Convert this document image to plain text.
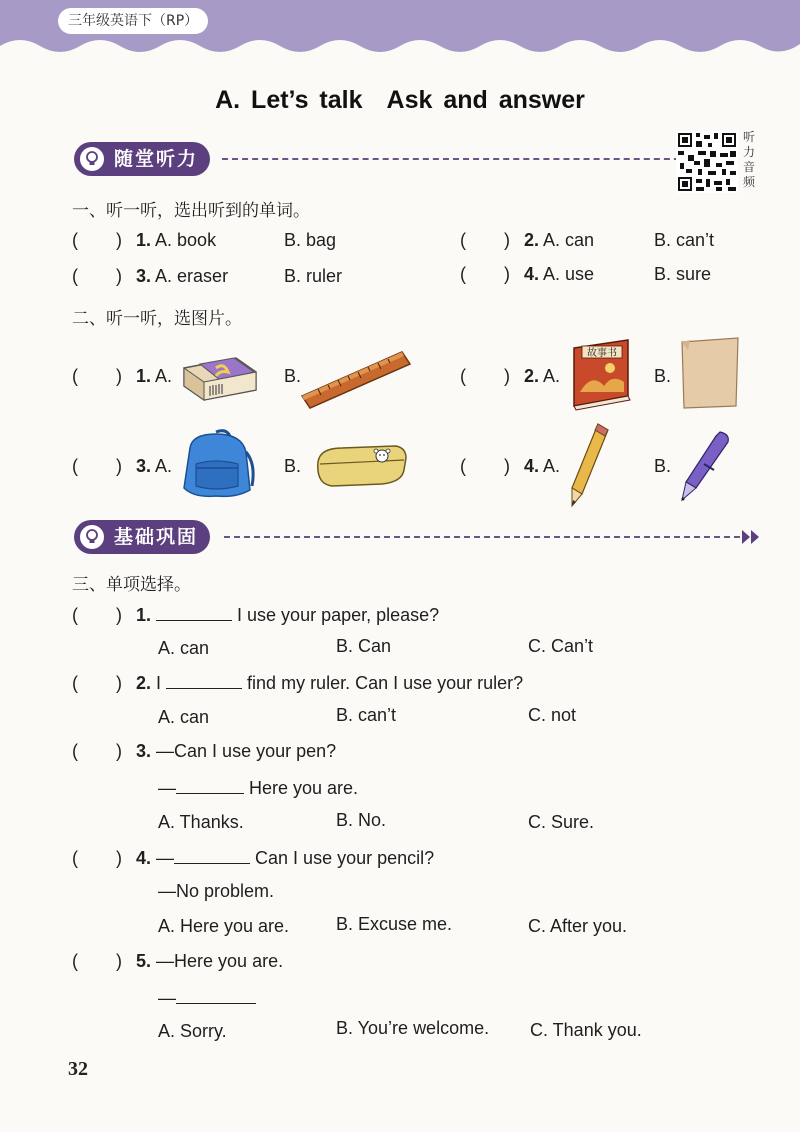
三年级英语下（RP）
A. Let’s talk Ask and answer
随堂听力
听力音频
一、听一听，选出听到的单词。
( ) 1. A. book	B. bag	( ) 2. A. can	B. can’t
( ) 3. A. eraser	B. ruler	( ) 4. A. use	B. sure
二、听一听，选图片。
( ) 1. A.	B.	( ) 2. A.
故事书
B.
( ) 3. A.	B.	( ) 4. A.	B.
基础巩固
三、单项选择。
( ) 1.	I use your paper, please?
A. can	B. Can	C. Can’t
( ) 2. I	find my ruler. Can I use your ruler?
A. can	B. can’t	C. not
( ) 3. —Can I use your pen?
—	Here you are.
A. Thanks.	B. No.	C. Sure.
( ) 4. —	Can I use your pencil?
—No problem.
A. Here you are.	B. Excuse me.	C. After you.
( ) 5. —Here you are.
—
A. Sorry.	B. You’re welcome. C. Thank you.
32
